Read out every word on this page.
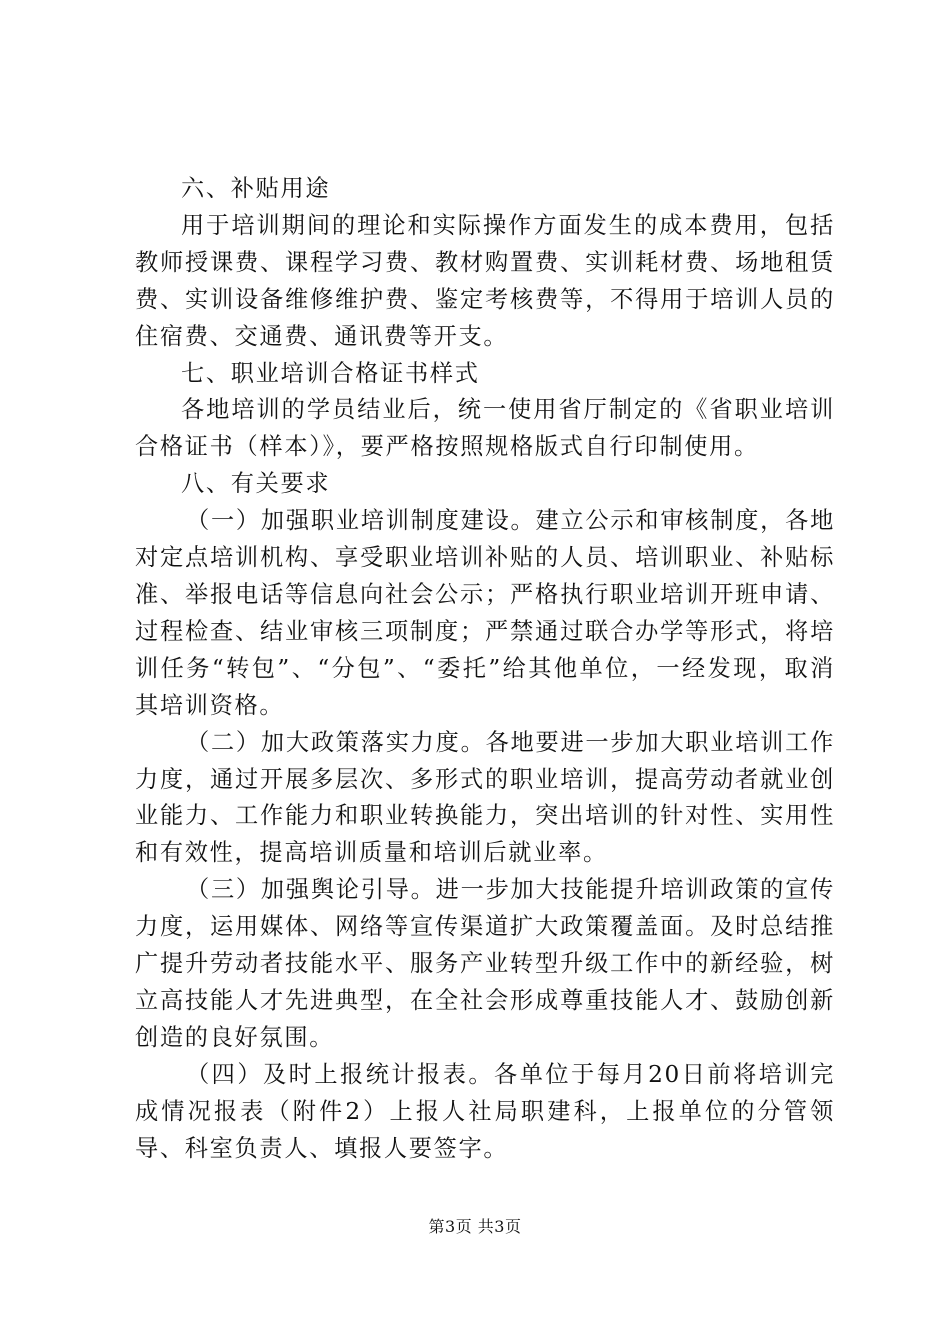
六、补贴用途

用于培训期间的理论和实际操作方面发生的成本费用，包括教师授课费、课程学习费、教材购置费、实训耗材费、场地租赁费、实训设备维修维护费、鉴定考核费等，不得用于培训人员的住宿费、交通费、通讯费等开支。

七、职业培训合格证书样式

各地培训的学员结业后，统一使用省厅制定的《省职业培训合格证书（样本）》，要严格按照规格版式自行印制使用。

八、有关要求

（一）加强职业培训制度建设。建立公示和审核制度，各地对定点培训机构、享受职业培训补贴的人员、培训职业、补贴标准、举报电话等信息向社会公示；严格执行职业培训开班申请、过程检查、结业审核三项制度；严禁通过联合办学等形式，将培训任务“转包”、“分包”、“委托”给其他单位，一经发现，取消其培训资格。

（二）加大政策落实力度。各地要进一步加大职业培训工作力度，通过开展多层次、多形式的职业培训，提高劳动者就业创业能力、工作能力和职业转换能力，突出培训的针对性、实用性和有效性，提高培训质量和培训后就业率。

（三）加强舆论引导。进一步加大技能提升培训政策的宣传力度，运用媒体、网络等宣传渠道扩大政策覆盖面。及时总结推广提升劳动者技能水平、服务产业转型升级工作中的新经验，树立高技能人才先进典型，在全社会形成尊重技能人才、鼓励创新创造的良好氛围。

（四）及时上报统计报表。各单位于每月20日前将培训完成情况报表（附件2）上报人社局职建科，上报单位的分管领导、科室负责人、填报人要签字。

第3页 共3页
